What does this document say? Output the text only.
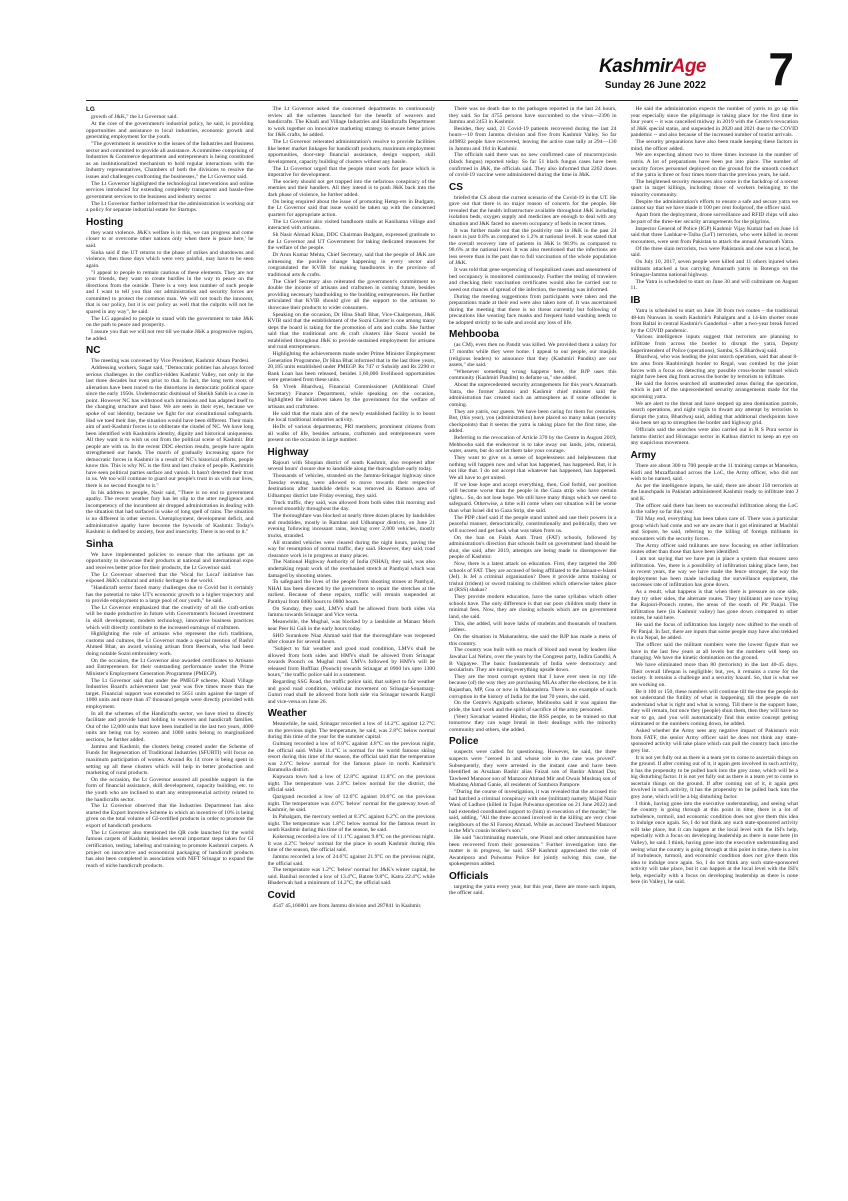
KashmirAge
Sunday 26 June 2022 7
LG

growth of J&K," the Lt Governor said.

At the core of the government's industrial policy, he said, is providing opportunities and assistance to local industries, economic growth and generating employment for the youth.

"The government is sensitive to the issues of the Industries and Business sector and committed to provide all assistance. A committee comprising of Industries & Commerce department and entrepreneurs is being constituted as an institutionalized mechanism to hold regular interactions with the Industry representatives, Chambers of both the divisions to resolve the issues and challenges confronting the businesses," the Lt Governor said.

The Lt Governor highlighted the technological interventions and online services introduced for extending completely transparent and hassle-free government services to the business and industry sector.

The Lt Governor further informed that the administration is working out a policy for separate industrial estate for Startups.

Hosting

they want violence. J&K's welfare is in this, we can progress and come closer to or overcome other nations only when there is peace here,' he said.

Sinha said if the UT returns to the phase of strikes and shutdowns and violence, then those days which were very painful, may have to be seen again.

"I appeal to people to remain cautious of these elements. They are not your friends, they want to create hurdles in the way to peace on the directions from the outside. There is a very less number of such people and I want to tell you that our administration and security forces are committed to protect the common man. We will not touch the innocent, that is our policy, but it is our policy as well that the culprits will not be spared in any way", he said.

The LG appealed to people to stand with the government to take J&K on the path to peace and prosperity.

I assure you that we will not rest till we make J&K a progressive region, he added.

NC

The meeting was convened by Vice President, Kashmir Ahsan Pardesi.

Addressing workers, Sagar said, "Democratic polities has always forced serious challenges in the conflict-ridden Kashmir Valley, not only in the last three decades but even prior to that. In fact, the long term roots of alienation have been traced to the distortions in democratic political space since the early 1950s. Undemocratic dismissal of Sheikh Sahib is a case in point. However NC has withstood such intrusions and has adapted itself to the changing structure and base. We are seen in their eyes, because we spoke of our identity, because we fight for our constitutional safeguards. Had we toed their line, the situation would have been different. Their main aim of anti-Kashmir forces is to obliterate the citadel of NC. We have long been identified with Kashmiris identity, dignity and historical uniqueness. All they want is to wish us out from the political scene of Kashmir. But people are with us. In the recent DDC election results, people have again strengthened our hands. The march of gradually increasing space for democratic forces in Kashmir is a result of NC's historical efforts, people know this. This is why NC is the first and last choice of people. Kashmiris have seen political parties surface and vanish. It hasn't detected their trust in us. We too will continue to guard our people's trust in us with our lives, there is no second thought to it."

In his address to people, Nasir said, "There is no end to government apathy. The recent weather fury has let slip to the utter negligence and incompetency of the incumbent air dropped administration in dealing with the situation that had surfaced in wake of long spell of rains. The situation is no different in other sectors. Unemployment, development deficit, and administrative apathy have become the bywords of Kashmir. Today's Kashmir is defined by anxiety, fear and insecurity. There is no end to it."

Sinha

We have implemented policies to ensure that the artisans get an opportunity to showcase their products at national and international expo and receives better price for their products, the Lt Governor said.

The Lt Governor observed that the 'Vocal for Local' initiative has exposed J&K's cultural and artistic heritage to the world.

"Handicraft sector faced many challenges due to Covid but it certainly has the potential to take UT's economic growth to a higher trajectory and to provide employment to a large pool of our youth," he said.

The Lt Governor emphasized that the creativity of all the craft-artists will be made productive in future with Government's focused investment in skill development, modern technology, innovative business practices which will directly contribute to the increased earnings of craftsmen.

Highlighting the role of artisans who represent the rich traditions, customs and cultures, the Lt Governor made a special mention of Bashir Ahmed Bhat, an award winning artisan from Beerwah, who had been doing notable Sozni embroidery work.

On the occasion, the Lt Governor also awarded certificates to Artisans and Entrepreneurs for their outstanding performance under the Prime Minister's Employment Generation Programme (PMEGP).

The Lt Governor said that under the PMEGP scheme, Khadi Village Industries Board's achievement last year was five times more than the target. Financial support was extended to 5651 units against the target of 1000 units and more than 47 thousand people were directly provided with employment.

In all the schemes of the Handicrafts sector, we have tried to directly facilitate and provide hand holding to weavers and handicraft families. Out of the 12,000 units that have been installed in the last two years, 4000 units are being run by women and 1000 units belong to marginalized sections, he further added.

Jammu and Kashmir, the clusters being created under the Scheme of Funds for Regeneration of Traditional Industries (SFURTI) will focus on maximum participation of women. Around Rs 14 crore is being spent in setting up all these clusters which will help in better production and marketing of rural products.

On the occasion, the Lt Governor assured all possible support in the form of financial assistance, skill development, capacity building, etc. to the youth who are inclined to start any entrepreneurial activity related to the handicrafts sector.

The Lt Governor observed that the Industries Department has also started the Export Incentive Scheme in which an incentive of 10% is being given on the total volume of GI-certified products in order to promote the export of handicraft products.

The Lt Governor also mentioned the QR code launched for the world famous carpets of Kashmir, besides several important steps taken for GI certification, testing, labeling and training to promote Kashmiri carpets. A project on innovative and economical packaging of handicraft products has also been completed in association with NIFT Srinagar to expand the reach of niche handicraft products.

The Lt Governor asked the concerned departments to continuously review all the schemes launched for the benefit of weavers and handicrafts. The Khadi and Village Industries and Handicrafts Department to work together on innovative marketing strategy to ensure better prices for J&K crafts, he added.

The Lt Governor reiterated administration's resolve to provide facilities like better market linkages for handicraft products, maximum employment opportunities, door-step financial assistance, design support, skill development, capacity building of clusters without any hassle.

The Lt Governor urged that the people must work for peace which is imperative for development.

The society should not get trapped into the nefarious conspiracy of the enemies and their handlers. All they intend is to push J&K back into the dark phase of violence, he further added.

On being enquired about the issue of promoting Hemp-ers in Budgam, the Lt Governor said that issue would be taken up with the concerned quarters for appropriate action.

The Lt Governor also visited handloom stalls at Kanihama village and interacted with artisans.

Sh Nasir Ahmad Khan, DDC Chairman Budgam, expressed gratitude to the Lt Governor and UT Government for taking dedicated measures for the welfare of the people.

Dr Arun Kumar Mehta, Chief Secretary, said that the people of J&K are witnessing the positive change happening in every sector and congratulated the KVIB for making handlooms in the province of traditional arts & crafts.

The Chief Secretary also reiterated the government's commitment to double the income of artisans and craftsmen in coming future, besides providing necessary handholding to the budding entrepreneurs. He further articulated that KVIB should give all the support to the artisans to showcase their products to wider consumers.

Speaking on the occasion, Dr Hina Shafi Bhat, Vice-Chairperson, J&K KVIB said that the establishment of the Sozni Cluster is one among many steps the board is taking for the promotion of arts and crafts. She further said that the traditional arts & craft clusters like Sozni would be established throughout J&K to provide sustained employment for artisans and rural entrepreneurs.

Highlighting the achievements made under Prime Minister Employment Generation Programme, Dr Hina Bhat informed that in the last three years, 20,185 units established under PMEGP. Rs 747 cr Subsidy and Rs 2290 cr Bank Loan has been released, besides 1,60,000 livelihood opportunities were generated from these units.

Sh Vivek Bhardwaj, Financial Commissioner (Additional Chief Secretary) Finance Department, while speaking on the occasion, highlighted the initiatives taken by the government for the welfare of artisans and craftsmen.

He said that the main aim of the newly established facility is to boost the local traditional industries activity.

HoDs of various departments; PRI members; prominent citizens from all walks of life, besides artisans, craftsmen and entrepreneurs were present on the occasion in large number.

Highway

Rajouri with Shopian district of south Kashmir, also reopened after several hours' closure due to landslide along the thoroughfare early today.

Thousands of vehicles, stranded on the Jammu-Srinagar highway since Tuesday evening, were allowed to move towards their respective destinations after landslide debris was removed in Ramsoo area of Udhampur district late Friday evening, they said.

Truck traffic, they said, was allowed from both sides this morning and moved smoothly throughout the day.

The thoroughfare was blocked at nearly three dozen places by landslides and mudslides, mostly in Ramban and Udhampur districts, on June 21 evening following incessant rains, leaving over 2,000 vehicles, mostly trucks, stranded.

All stranded vehicles were cleared during the night hours, paving the way for resumption of normal traffic, they said. However, they said, road clearance work is in progress at many places.

The National Highway Authority of India (NHAI), they said, was also undertaking repair work of the overhauled stretch at Panthyal which was damaged by shooting stones.

To safeguard the lives of the people from shooting stones at Panthyal, NHAI has been directed by the government to repair the stretches at the earliest. Because of these repairs, traffic will remain suspended at Panthyal from 0400 hours to 0800 hours.

On Sunday, they said, LMVs shall be allowed from both sides via Jammu towards Srinagar and Vice versa.

Meanwhile, the Mughal, was blocked by a landslide at Manasr Morh near Peer Ki Gali in the early hours today.

SHO Surankote Niaz Ahmad said that the thoroughfare was reopened after closure for several hours.

"Subject to fair weather and good road condition, LMVs shall be allowed from both sides and HMVs shall be allowed from Srinagar towards Poonch on Mughal road. LMVs followed by HMVs will be released from Buffliaz (Poonch) towards Srinagar at 0900 hrs upto 1300 hours," the traffic police said in a statement.

Regarding SSG Road, the traffic police said, that subject to fair weather and good road condition, vehicular movement on Srinagar-Sonamarg-Gumri road shall be allowed from both side via Srinagar towards Kargil and vice-versa on June 26.

Weather

Meanwhile, he said, Srinagar recorded a low of 14.2°C against 12.7°C on the previous night. The temperature, he said, was 2.8°C below normal during this time of the year for the summer capital.

Gulmarg recorded a low of 8.0°C against 4.8°C on the previous night, the official said. While 11.4°C is normal for the world famous skiing resort during this time of the season, the official said that the temperature was 2.6°C below normal for the famous place in north Kashmir's Baramulla district.

Kupwara town had a low of 12.8°C against 11.8°C on the previous night. The temperature was 2.8°C below normal for the district, the official said.

Qazigund recorded a low of 12.6°C against 10.6°C on the previous night. The temperature was 4.0°C 'below' normal for the gateway town of Kashmir, he said.

In Pahalgam, the mercury settled at 8.3°C against 6.2°C on the previous night. The temperature was 1.8°C below normal for the famous resort in south Kashmir during this time of the season, he said.

Kokernag recorded a low of 11.1°C against 9.8°C on the previous night. It was 4.2°C 'below' normal for the place in south Kashmir during this time of the season, the official said.

Jammu recorded a low of 24.6°C against 21.9°C on the previous night, the official said.

The temperature was 1.2°C 'below' normal for J&K's winter capital, he said. Banihal recorded a low of 13.4°C, Batote 9.8°C, Katra 22.4°C while Bhaderwah had a minimum of 14.2°C, the official said.

Covid

4547 45,166801 are from Jammu division and 287841 in Kashmir.

There was no death due to the pathogen reported in the last 24 hours, they said. So far 4755 persons have succumbed to the virus—2396 in Jammu and 2453 in Kashmir.

Besides, they said, 21 Covid-19 patients recovered during the last 24 hours—10 from Jammu division and five from Kashmir Valley. So far 449892 people have recovered, leaving the active case tally at 294—130 in Jammu and 164 in Kashmir.

The officials said there was no new confirmed case of mucormycosis (black fungus) reported today. So far 51 black fungus cases have been confirmed in J&K, the officials said. They also informed that 2262 doses of covid-19 vaccine were administered during the time in J&K.

CS

briefed the CS about the current scenario of the Covid-19 in the UT. He gave out that there is no major reason of concern for the people. He revealed that the health infrastructure available throughout J&K including isolation beds, oxygen supply and medicines are enough to deal with any situation and J&K faced no uneven occupancy of beds in recent times.

It was further made out that the positivity rate in J&K in the past 24 hours is just 0.8% as compared to 1.2% at national level. It was stated that the overall recovery rate of patients in J&K is 98.9% as compared to 98.6% at the national level. It was also mentioned that the infections are less severe than in the past due to full vaccination of the whole population of J&K.

It was told that gene sequencing of hospitalized cases and assessment of bed occupancy is monitored continuously. Further the testing of travelers and checking their vaccination certificates would also be carried out to weed out chances of spread of the infection, the meeting was informed.

During the meeting suggestions from participants were taken and the preparations made at their end were also taken note of. It was ascertained during the meeting that there is no threat currently but following of precautions like wearing face masks and frequent hand washing needs to be adopted strictly to be safe and avoid any loss of life.

Mehbooba

(as CM), even then no Pandit was killed. We provided them a salary for 17 months while they were home. I appeal to our people, our masjids (religious leaders) to announce that they (Kashmiri Pandits) are our assets," she said.

"Whenever something wrong happens here, the BJP uses this community (Kashmiri Pandits) to defame us," she added.

About the unprecedented security arrangements for this year's Amarnath Yatra, the former Jammu and Kashmir chief minister said the administration has created such an atmosphere as if some offender is coming.

They are yatris, our guests. We have been caring for them for centuries. But, (this year), you (administration) have placed so many nakas (security checkpoints) that it seems the yatra is taking place for the first time, she added.

Referring to the revocation of Article 370 by the Centre in August 2019, Mehbooba said the endeavour is to take away our lands, jobs, mineral, water, assets, but do not let them take your courage.

They want to give us a sense of hopelessness and helplessness that nothing will happen now and what has happened, has happened. But, it is not like that. I do not accept that whatever has happened, has happened. We all have to get united.

If we lose hope and accept everything, then, God forbid, our position will become worse than the people in the Gaza strip who have certain rights... So, do not lose hope. We still have many things which we need to safeguard. Otherwise, a time will come when our situation will be worse than what Israel did to Gaza Strip, she said.

The PDP chief said if the people stand united and use their powers in a peaceful manner, democratically, constitutionally and politically, then we will succeed and get back what was taken from us.

On the ban on Falah Aam Trust (FAT) schools, followed by administration's direction that schools built on government land should be shut, she said, after 2019, attempts are being made to disempower the people of Kashmir.

Now, there is a latest attack on education. First, they targeted the 300 schools of FAT. They are accused of being affiliated to the Jamaat-e-Islami (JeI). Is JeI a criminal organisation? Does it provide arms training or trishul (trident) or sword training to children which otherwise takes place at (RSS) shakas?

They provide modern education, have the same syllabus which other schools have. The only difference is that our poor children study there in minimal fees. Now, they are closing schools which are on government land, she said.

This, she added, will leave lakhs of students and thousands of teachers jobless.

On the situation in Maharashtra, she said the BJP has made a mess of this country.

The country was built with so much of blood and sweat by leaders like Jawahar Lal Nehru, over the years by the Congress party, Indira Gandhi, A B Vajpayee. The basic fundamentals of India were democracy and secularism. They are turning everything upside down.

They are the most corrupt system that I have ever seen in my life because (of) the way they are purchasing MLAs after the elections, be it in Rajasthan, MP, Goa or now in Maharashtra. There is no example of such corruption in the history of India for the last 70 years, she said.

On the Centre's Agnipath scheme, Mehbooba said it was against the pride, the hard work and the spirit of sacrifice of the army personnel.

(Veer) Savarkar wanted Hindus, the RSS people, to be trained so that tomorrow they can wage brutal in their dealings with the minority community and others, she added.

Police

suspects were called for questioning. However, he said, the three suspects were "zeroed in and whose role in the case was proved". Subsequently, they were arrested in the instant case and have been identified as Arsalaan Bashir alias Faizal son of Bashir Ahmad Dar, Tawheed Manzoor son of Manzoor Ahmad Mir and Owais Mushtaq son of Mushtaq Ahmad Ganie, all residents of Sambora Pampore.

"During the course of investigation, it was revealed that the accused trio had hatched a criminal conspiracy with one (militant) namely Majid Nazir Wani of Ladhoo (killed in Tujan Pulwama operation on 21 June 2022) and had extended coordinated support to (him) in execution of the murder," he said, adding, "All the three accused involved in the killing are very close neighbours of the SI Farooq Ahmad. While as accused Tawheed Manzoor is the Mir's cousin brother's son."

He said "incriminating materials, one Pistol and other ammunition have been recovered from their possession." Further investigation into the matter is in progress, he said. SSP Kashmir appreciated the role of Awantipora and Pulwama Police for jointly solving this case, the spokesperson added.

Officials

targeting the yatra every year, but this year, there are more such inputs, the officer said.

He said the administration expects the number of yatris to go up this year especially since the pilgrimage is taking place for the first time in four years -- it was cancelled midway in 2019 with the Centre's revocation of J&K special status, and suspended in 2020 and 2021 due to the COVID pandemic -- and also because of the increased number of tourist arrivals.

The security preparations have also been made keeping these factors in mind, the officer added.

We are expecting almost two to three times increase in the number of yatris. A lot of preparations have been put into place. The number of security forces personnel deployed on the ground for the smooth conduct of the yatra is three or four times more than the previous years, he said.

The heightened security measures also come in the backdrop of a recent spurt in target killings, including those of workers belonging to the minority community.

Despite the administration's efforts to ensure a safe and secure yatra we cannot say that we have made it 100 per cent foolproof, the officer said.

Apart from the deployment, drone surveillance and RFID chips will also be part of the three-tier security arrangements for the pilgrims.

Inspector General of Police (IGP) Kashmir Vijay Kumar had on June 14 said that three Lashkar-e-Taiba (LeT) terrorists, who were killed in recent encounters, were sent from Pakistan to attack the annual Amarnath Yatra.

Of the three slain terrorists, two were Pakistanis and one was a local, he said.

On July 10, 2017, seven people were killed and 11 others injured when militants attacked a bus carrying Amarnath yatris in Botengo on the Srinagar-Jammu national highway.

The Yatra is scheduled to start on June 30 and will culminate on August 11.

IB

Yatra is scheduled to start on June 30 from two routes – the traditional 48-km Nunwan in south Kashmir's Pahalgam and a 14-km shorter route from Baltal in central Kashmir's Ganderbal – after a two-year break forced by the COVID pandemic.

Various intelligence inputs suggest that terrorists are planning to infiltrate from across the border to disrupt the yatra, Deputy Superintendent of Police (operations), Samba, S.S.Bhardwaj said.

Bhardwaj, who was leading the joint search operation, said that about 8-km area from Ranbirsingh border to Regal, was combed by the joint forces with a focus on detecting any possible cross-border tunnel which might have been dug from across the border by terrorists to infiltrate.

He said the forces searched all unattended areas during the operation, which is part of the unprecedented security arrangements made for the upcoming yatra.

We are alert to the threat and have stepped up area domination patrols, search operations, and night vigils to thwart any attempt by terrorists to disrupt the yatra, Bhardwaj said, adding that additional checkpoints have also been set up to strengthen the border and highway grid.

Officials said the searches were also carried out in R S Pura sector in Jammu district and Hiranagar sector in Kathua district to keep an eye on any suspicious movement.

Army

There are about 300 to 700 people at the 11 training camps at Mansehra, Kotli and Muzaffarabad across the LoC, the Army officer, who did not wish to be named, said.

As per the intelligence inputs, he said, there are about 150 terrorists at the launchpads in Pakistan administered Kashmir ready to infiltrate into J and K.

The officer said there has been no successful infiltration along the LoC in the valley so far this year.

Till May end, everything has been taken care of. There was a particular group which had come and we are aware that it got eliminated at Machhil and Sopore, he said, referring to the killing of foreign militants in encounters with the security forces.

The Army officer said militants are now focusing on other infiltration routes other than those that have been identified.

I am not saying that we have put in place a system that ensures zero infiltration. Yes, there is a possibility of infiltration taking place here, but in recent years, the way we have made the fence stronger, the way the deployment has been made including the surveillance equipment, the successes rate of infiltration has gone down.

As a result, what happens is that when there is pressure on one side, they try other sides, the alternate routes. They (militants) are now trying the Rajouri-Poonch routes, the areas of the south of Pir Panjal. The infiltration here (in Kashmir valley) has gone down compared to other routes, he said here.

He said the focus of infiltration has largely now shifted to the south of Pir Panjal. In fact, there are inputs that some people may have also trekked in via Nepal, he added.

The officer said the militant numbers were the lowest figure that we have in the last few years at all levels but the numbers will keep on changing. We have the kinetic domination on the ground.

We have eliminated more than 80 (terrorists) in the last 40-45 days. Their overall lifespan is negligible; but, yes, it remains a curse for the society. It remains a challenge and a security hazard. So, that is what we are working on.

Be it 100 or 150, these numbers will continue till the time the people do not understand the futility of what is happening, till the people do not understand what is right and what is wrong. Till there is the support base, they will remain, but once they (people) shun them, then they will have no war to go, and you will automatically find this entire concept getting eliminated or the numbers coming down, he added.

Asked whether the Army sees any negative impact of Pakistan's exit from FATF, the senior Army officer said he does not think any state-sponsored activity will take place which can pull the country back into the grey list.

It is not yet fully out as there is a team yet to come to ascertain things on the ground. If after coming out of it, it again gets involved in such activity, it has the propensity to be pulled back into the grey zone, which will be a big disturbing factor. It is not yet fully out as there is a team yet to come to ascertain things on the ground. If after coming out of it, it again gets involved in such activity, it has the propensity to be pulled back into the grey zone, which will be a big disturbing factor.

I think, having gone into the executive understanding, and seeing what the country is going through at this point in time, there is a lot of turbulence, turmoil, and economic condition does not give them this idea to indulge once again. So, I do not think any such state-sponsored activity will take place, but it can happen at the local level with the ISI's help, especially with a focus on developing leadership as there is none here (in Valley), he said. I think, having gone into the executive understanding and seeing what the country is going through at this point in time, there is a lot of turbulence, turmoil, and economic condition does not give them this idea to indulge once again. So, I do not think any such state-sponsored activity will take place, but it can happen at the local level with the ISI's help, especially with a focus on developing leadership as there is none here (in Valley), he said.
